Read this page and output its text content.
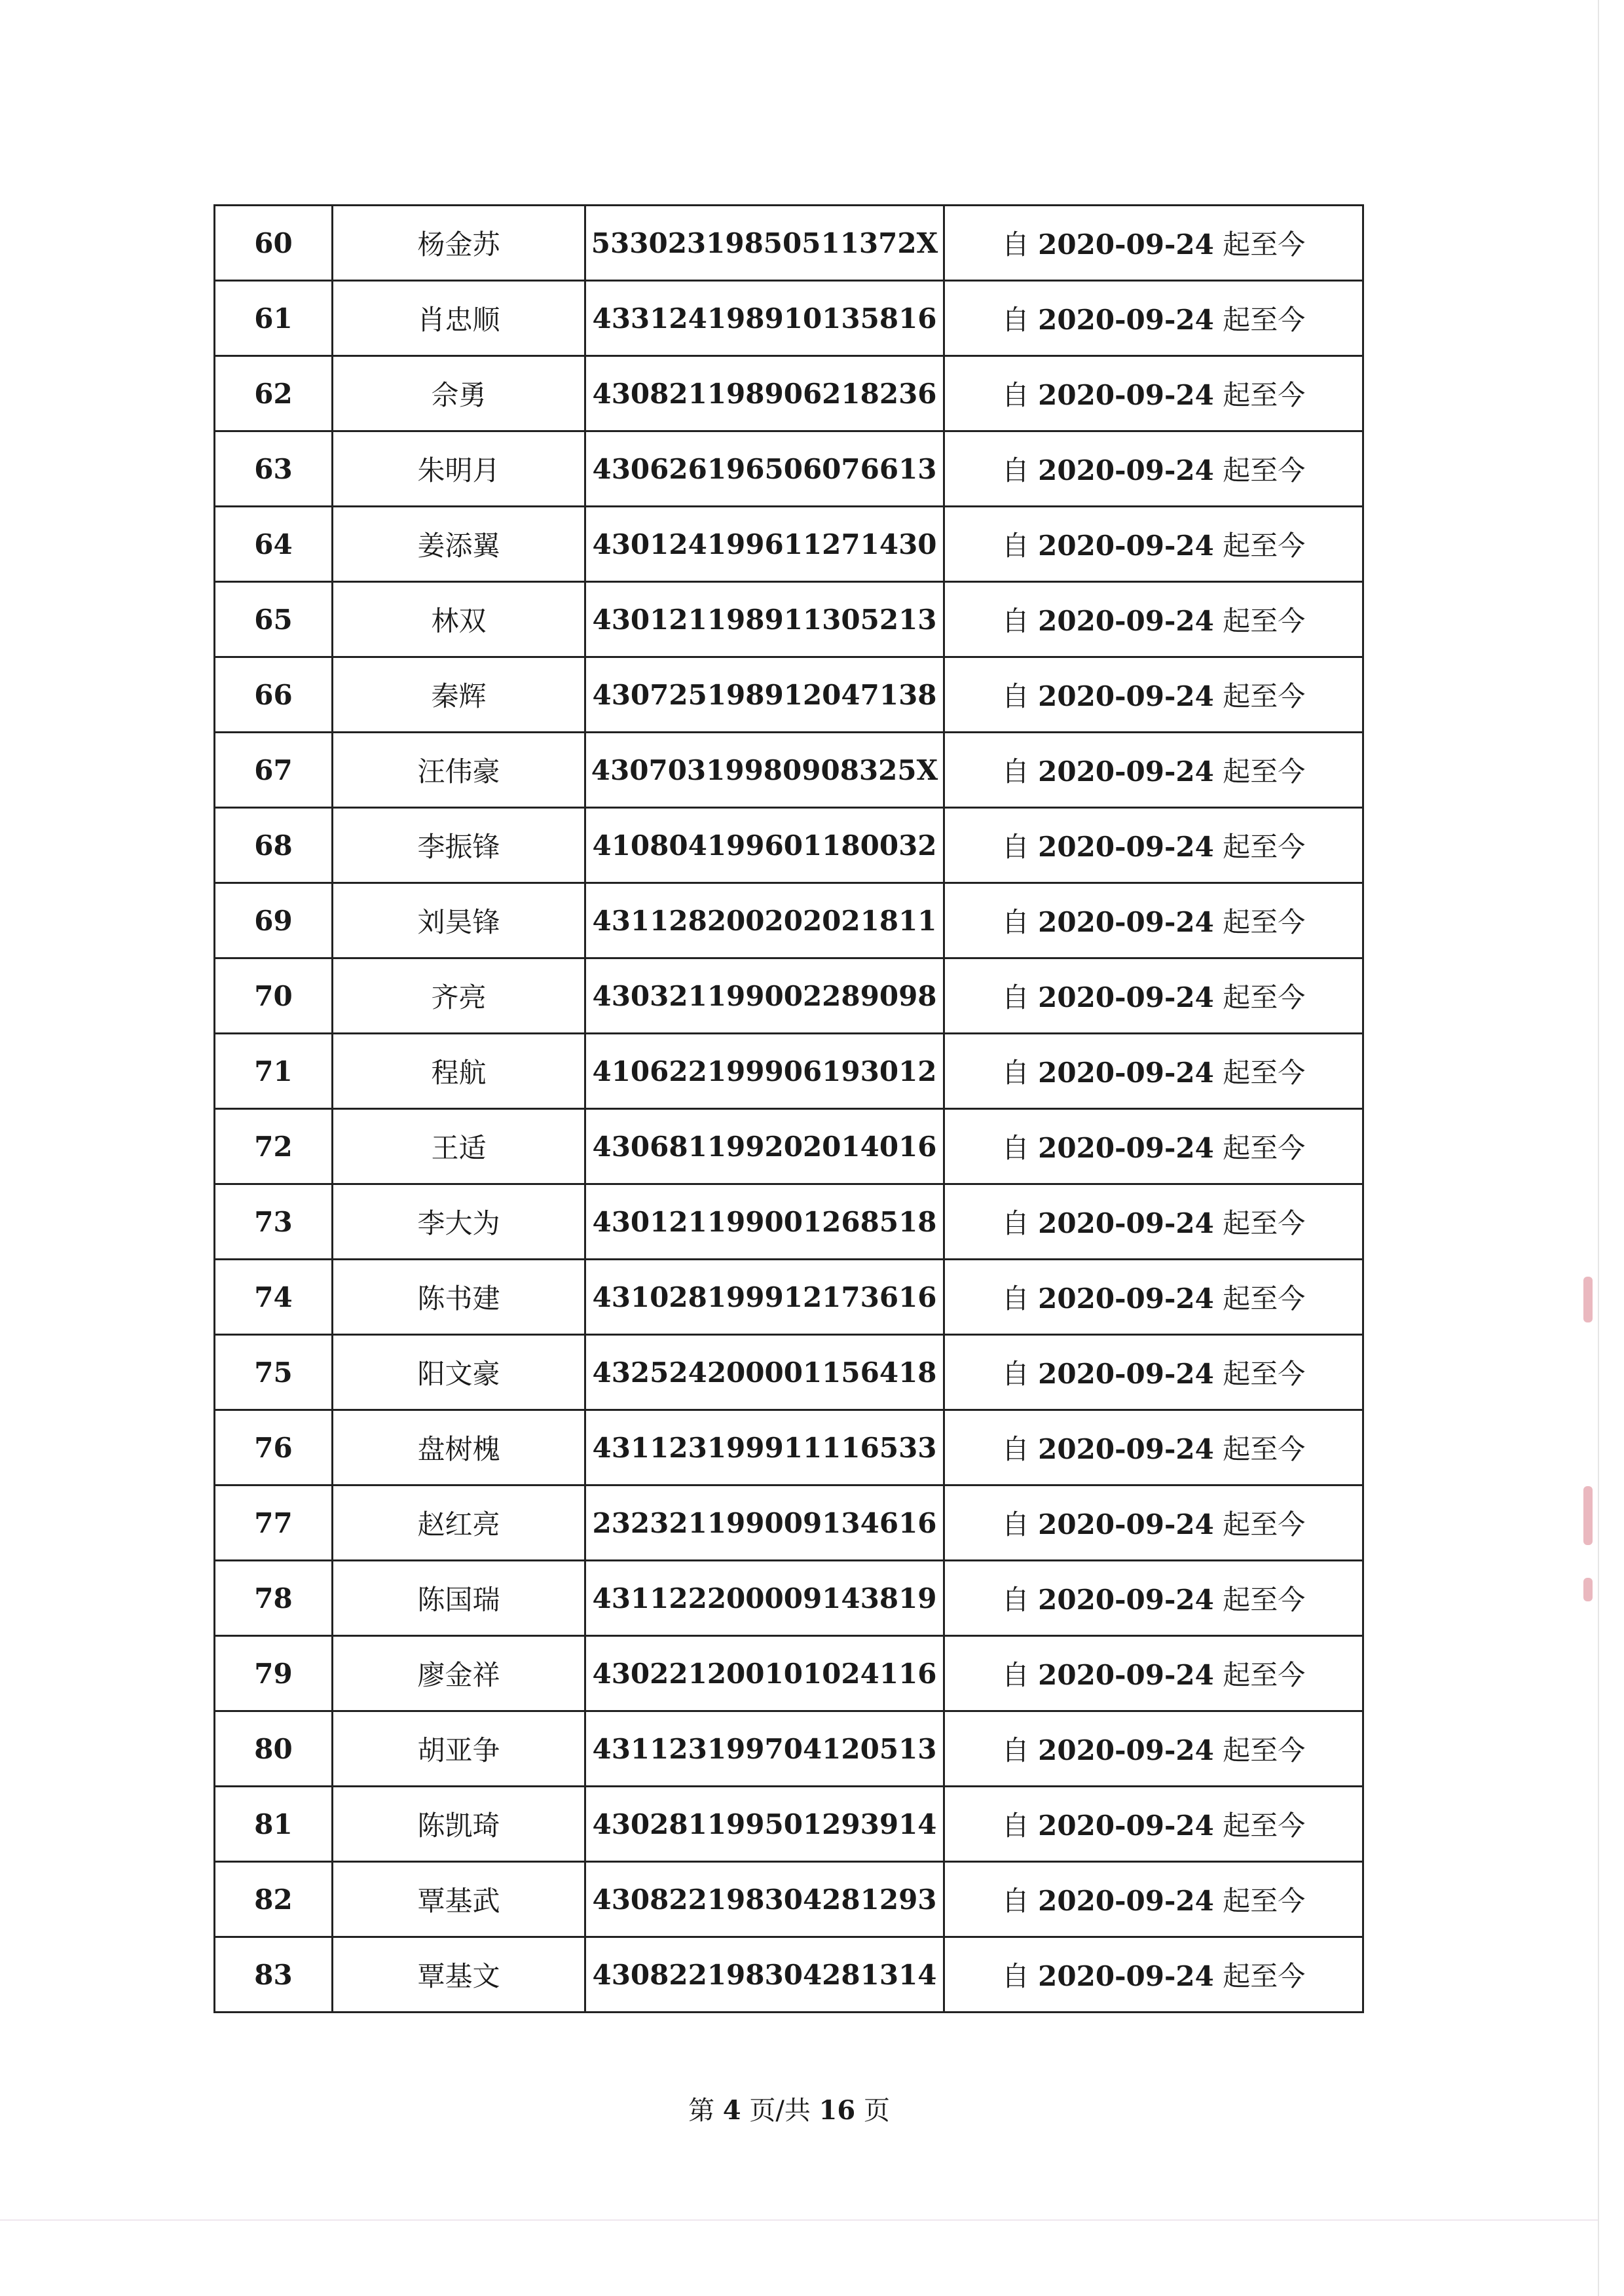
60	杨金苏	53302319850511372X	自 2020-09-24 起至今
61	肖忠顺	433124198910135816	自 2020-09-24 起至今
62	佘勇	430821198906218236	自 2020-09-24 起至今
63	朱明月	430626196506076613	自 2020-09-24 起至今
64	姜添翼	430124199611271430	自 2020-09-24 起至今
65	林双	430121198911305213	自 2020-09-24 起至今
66	秦辉	430725198912047138	自 2020-09-24 起至今
67	汪伟豪	43070319980908325X	自 2020-09-24 起至今
68	李振锋	410804199601180032	自 2020-09-24 起至今
69	刘昊锋	431128200202021811	自 2020-09-24 起至今
70	齐亮	430321199002289098	自 2020-09-24 起至今
71	程航	410622199906193012	自 2020-09-24 起至今
72	王适	430681199202014016	自 2020-09-24 起至今
73	李大为	430121199001268518	自 2020-09-24 起至今
74	陈书建	431028199912173616	自 2020-09-24 起至今
75	阳文豪	432524200001156418	自 2020-09-24 起至今
76	盘树槐	431123199911116533	自 2020-09-24 起至今
77	赵红亮	232321199009134616	自 2020-09-24 起至今
78	陈国瑞	431122200009143819	自 2020-09-24 起至今
79	廖金祥	430221200101024116	自 2020-09-24 起至今
80	胡亚争	431123199704120513	自 2020-09-24 起至今
81	陈凯琦	430281199501293914	自 2020-09-24 起至今
82	覃基武	430822198304281293	自 2020-09-24 起至今
83	覃基文	430822198304281314	自 2020-09-24 起至今
第 4 页/共 16 页
